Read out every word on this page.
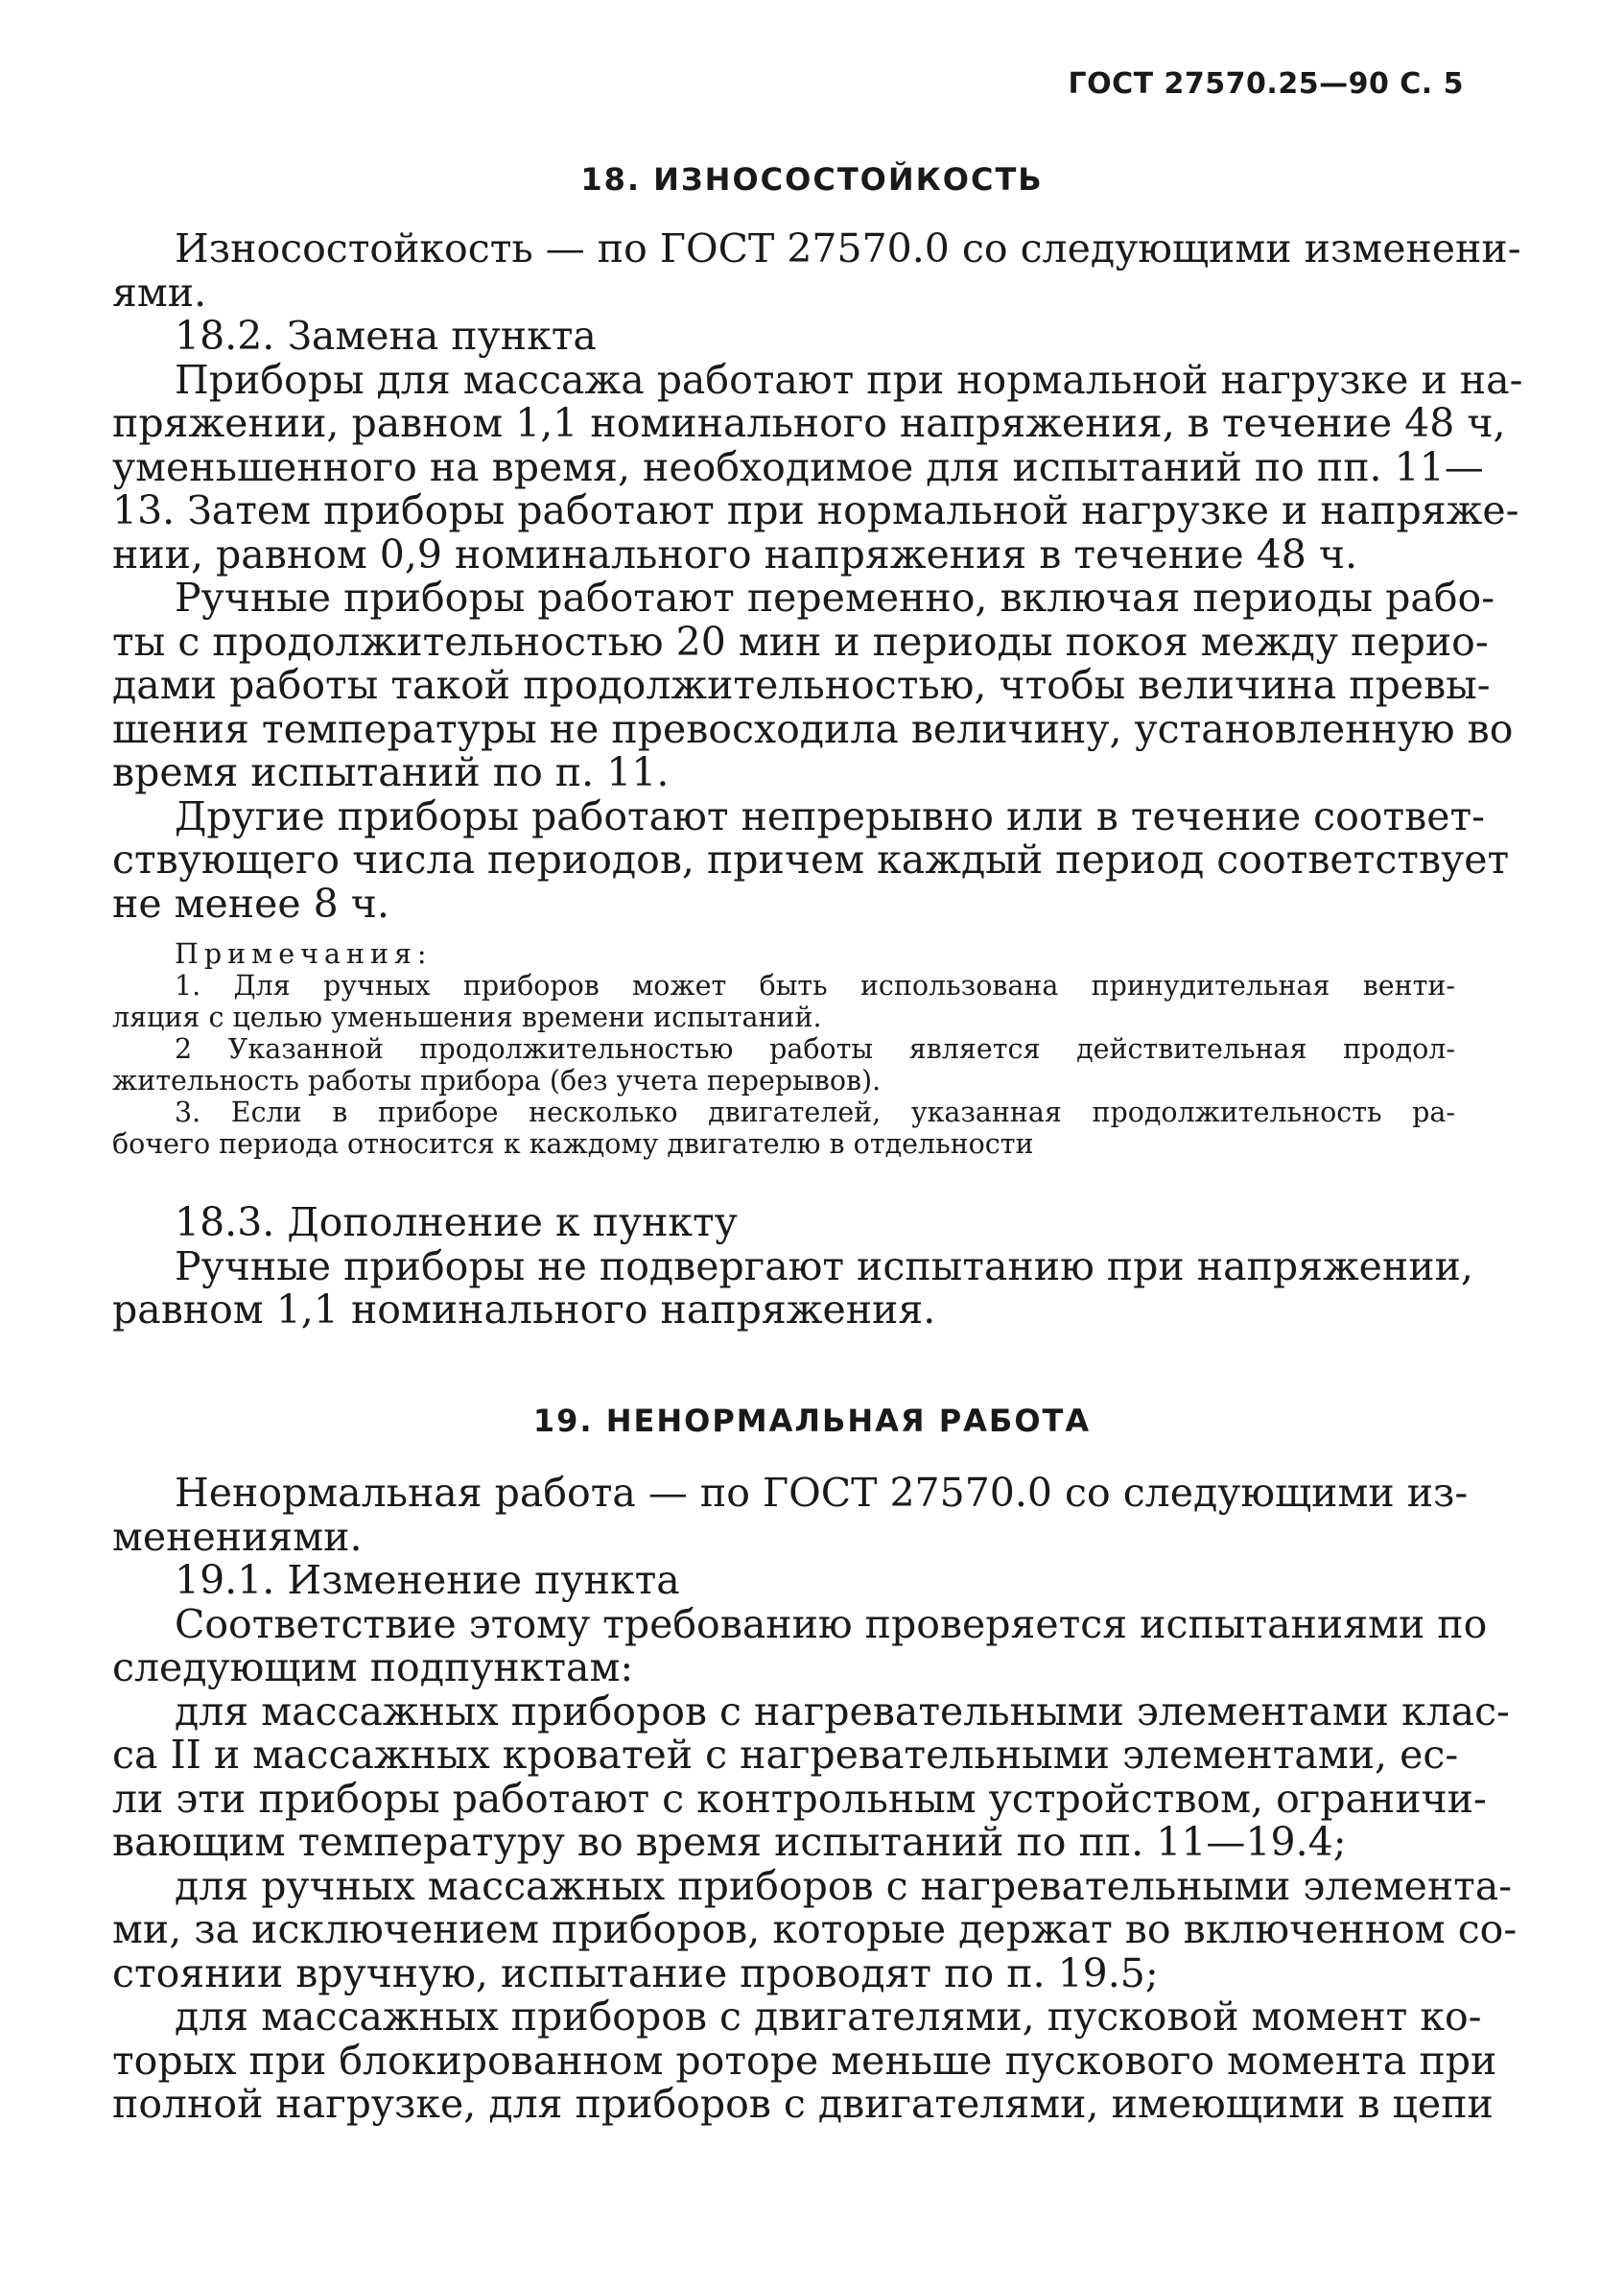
ГОСТ 27570.25—90 С. 5
18. ИЗНОСОСТОЙКОСТЬ
Износостойкость — по ГОСТ 27570.0 со следующими изменени-
ями.
18.2. Замена пункта
Приборы для массажа работают при нормальной нагрузке и на-
пряжении, равном 1,1 номинального напряжения, в течение 48 ч,
уменьшенного на время, необходимое для испытаний по пп. 11—
13. Затем приборы работают при нормальной нагрузке и напряже-
нии, равном 0,9 номинального напряжения в течение 48 ч.
Ручные приборы работают переменно, включая периоды рабо-
ты с продолжительностью 20 мин и периоды покоя между перио-
дами работы такой продолжительностью, чтобы величина превы-
шения температуры не превосходила величину, установленную во
время испытаний по п. 11.
Другие приборы работают непрерывно или в течение соответ-
ствующего числа периодов, причем каждый период соответствует
не менее 8 ч.
Примечания:
1. Для ручных приборов может быть использована принудительная венти-
ляция с целью уменьшения времени испытаний.
2 Указанной продолжительностью работы является действительная продол-
жительность работы прибора (без учета перерывов).
3. Если в приборе несколько двигателей, указанная продолжительность ра-
бочего периода относится к каждому двигателю в отдельности
18.3. Дополнение к пункту
Ручные приборы не подвергают испытанию при напряжении,
равном 1,1 номинального напряжения.
19. НЕНОРМАЛЬНАЯ РАБОТА
Ненормальная работа — по ГОСТ 27570.0 со следующими из-
менениями.
19.1. Изменение пункта
Соответствие этому требованию проверяется испытаниями по
следующим подпунктам:
для массажных приборов с нагревательными элементами клас-
са II и массажных кроватей с нагревательными элементами, ес-
ли эти приборы работают с контрольным устройством, ограничи-
вающим температуру во время испытаний по пп. 11—19.4;
для ручных массажных приборов с нагревательными элемента-
ми, за исключением приборов, которые держат во включенном со-
стоянии вручную, испытание проводят по п. 19.5;
для массажных приборов с двигателями, пусковой момент ко-
торых при блокированном роторе меньше пускового момента при
полной нагрузке, для приборов с двигателями, имеющими в цепи
